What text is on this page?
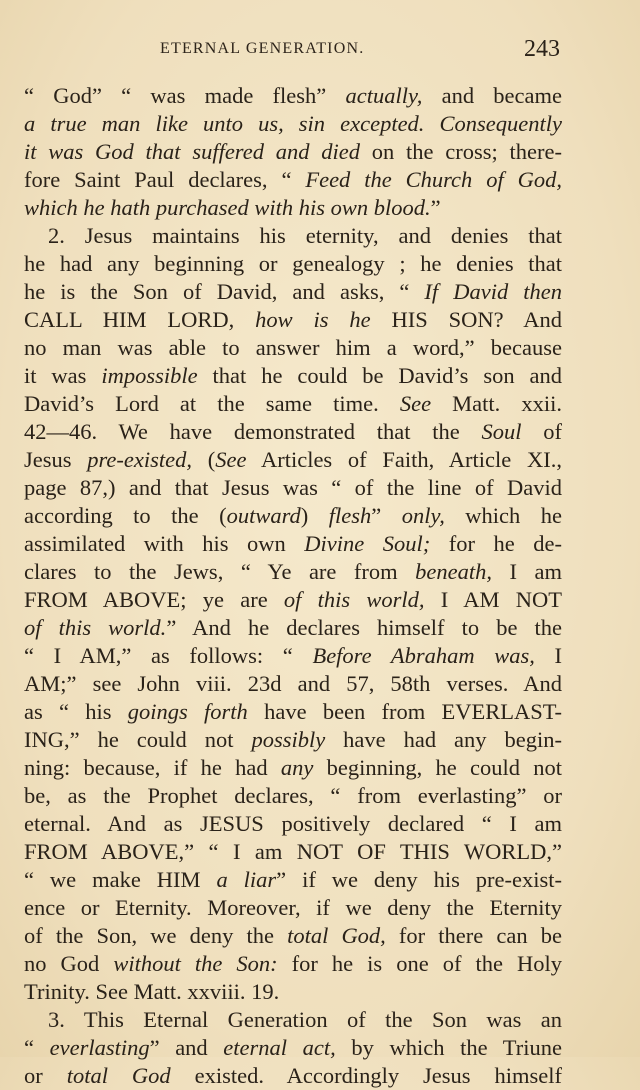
ETERNAL GENERATION.	243
“ God” “ was made flesh” actually, and became
a true man like unto us, sin excepted. Consequently
it was God that suffered and died on the cross; there-
fore Saint Paul declares, “ Feed the Church of God,
which he hath purchased with his own blood.”
2. Jesus maintains his eternity, and denies that
he had any beginning or genealogy ; he denies that
he is the Son of David, and asks, “ If David then
CALL HIM LORD, how is he HIS SON? And
no man was able to answer him a word,” because
it was impossible that he could be David’s son and
David’s Lord at the same time. See Matt. xxii.
42—46. We have demonstrated that the Soul of
Jesus pre-existed, (See Articles of Faith, Article XI.,
page 87,) and that Jesus was “ of the line of David
according to the (outward) flesh” only, which he
assimilated with his own Divine Soul; for he de-
clares to the Jews, “ Ye are from beneath, I am
FROM ABOVE; ye are of this world, I AM NOT
of this world.” And he declares himself to be the
“ I AM,” as follows: “ Before Abraham was, I
AM;” see John viii. 23d and 57, 58th verses. And
as “ his goings forth have been from EVERLAST-
ING,” he could not possibly have had any begin-
ning: because, if he had any beginning, he could not
be, as the Prophet declares, “ from everlasting” or
eternal. And as JESUS positively declared “ I am
FROM ABOVE,” “ I am NOT OF THIS WORLD,”
“ we make HIM a liar” if we deny his pre-exist-
ence or Eternity. Moreover, if we deny the Eternity
of the Son, we deny the total God, for there can be
no God without the Son: for he is one of the Holy
Trinity. See Matt. xxviii. 19.
3. This Eternal Generation of the Son was an
“ everlasting” and eternal act, by which the Triune
or total God existed. Accordingly Jesus himself
